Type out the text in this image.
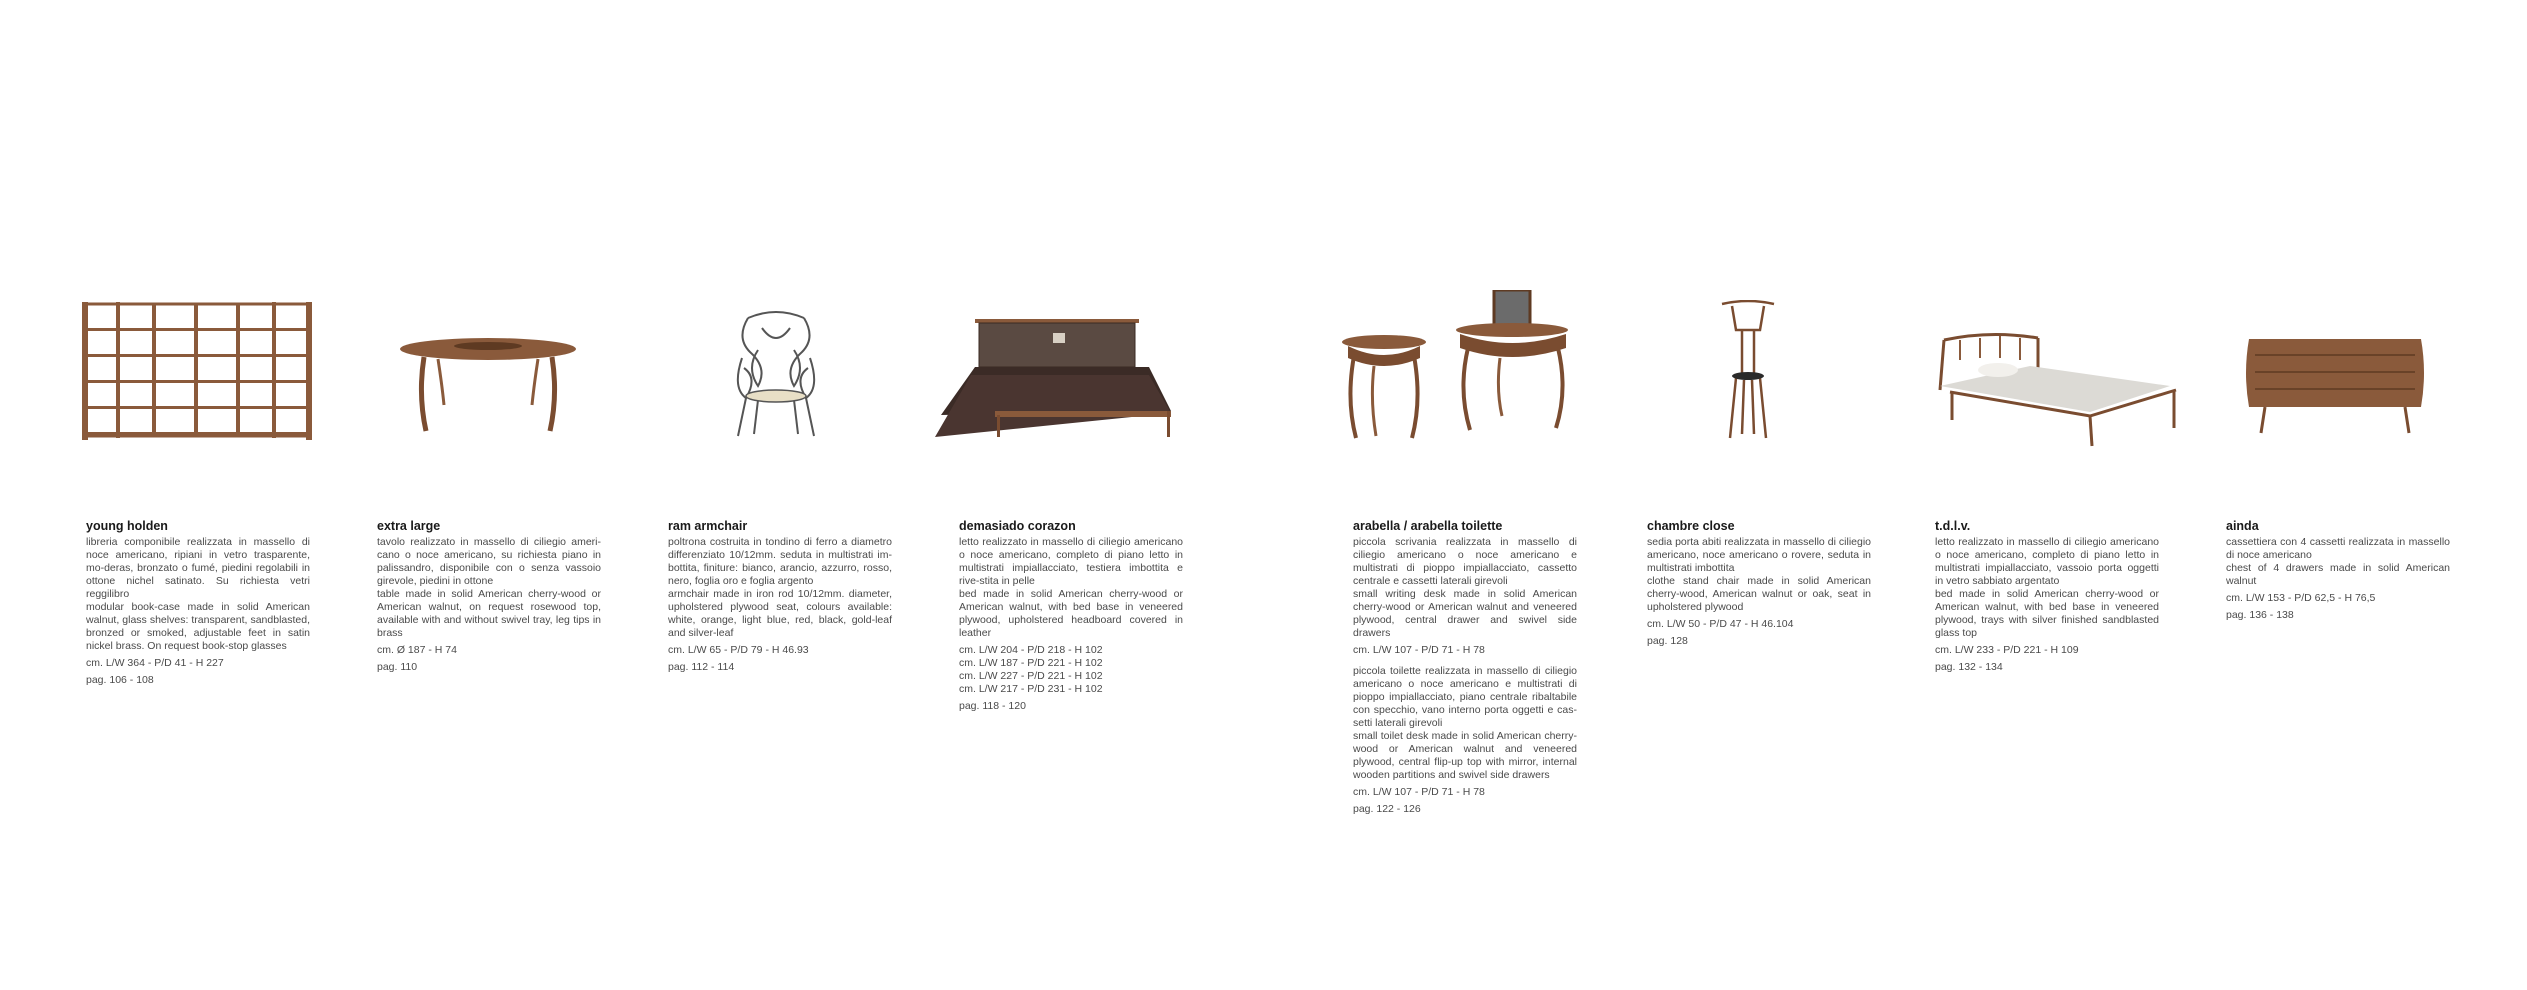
young holden
libreria componibile realizzata in massello di noce americano, ripiani in vetro trasparente, mo-deras, bronzato o fumé, piedini regolabili in ottone nichel satinato. Su richiesta vetri reggilibro
modular book-case made in solid American walnut, glass shelves: transparent, sandblasted, bronzed or smoked, adjustable feet in satin nickel brass. On request book-stop glasses
cm. L/W 364 - P/D 41 - H 227
pag. 106 - 108
extra large
tavolo realizzato in massello di ciliegio ameri-cano o noce americano, su richiesta piano in palissandro, disponibile con o senza vassoio girevole, piedini in ottone
table made in solid American cherry-wood or American walnut, on request rosewood top, available with and without swivel tray, leg tips in brass
cm. Ø 187 - H 74
pag. 110
ram armchair
poltrona costruita in tondino di ferro a diametro differenziato 10/12mm. seduta in multistrati im-bottita, finiture: bianco, arancio, azzurro, rosso, nero, foglia oro e foglia argento
armchair made in iron rod 10/12mm. diameter, upholstered plywood seat, colours available: white, orange, light blue, red, black, gold-leaf and silver-leaf
cm. L/W 65 - P/D 79 - H 46.93
pag. 112 - 114
demasiado corazon
letto realizzato in massello di ciliegio americano o noce americano, completo di piano letto in multistrati impiallacciato, testiera imbottita e rive-stita in pelle
bed made in solid American cherry-wood or American walnut, with bed base in veneered plywood, upholstered headboard covered in leather
cm. L/W 204 - P/D 218 - H 102
cm. L/W 187 - P/D 221 - H 102
cm. L/W 227 - P/D 221 - H 102
cm. L/W 217 - P/D 231 - H 102
pag. 118 - 120
arabella / arabella toilette
piccola scrivania realizzata in massello di ciliegio americano o noce americano e multistrati di pioppo impiallacciato, cassetto centrale e cassetti laterali girevoli
small writing desk made in solid American cherry-wood or American walnut and veneered plywood, central drawer and swivel side drawers
cm. L/W 107 - P/D 71 - H 78
piccola toilette realizzata in massello di ciliegio americano o noce americano e multistrati di pioppo impiallacciato, piano centrale ribaltabile con specchio, vano interno porta oggetti e cas-setti laterali girevoli
small toilet desk made in solid American cherry-wood or American walnut and veneered plywood, central flip-up top with mirror, internal wooden partitions and swivel side drawers
cm. L/W 107 - P/D 71 - H 78
pag. 122 - 126
chambre close
sedia porta abiti realizzata in massello di ciliegio americano, noce americano o rovere, seduta in multistrati imbottita
clothe stand chair made in solid American cherry-wood, American walnut or oak, seat in upholstered plywood
cm. L/W 50 - P/D 47 - H 46.104
pag. 128
t.d.l.v.
letto realizzato in massello di ciliegio americano o noce americano, completo di piano letto in multistrati impiallacciato, vassoio porta oggetti in vetro sabbiato argentato
bed made in solid American cherry-wood or American walnut, with bed base in veneered plywood, trays with silver finished sandblasted glass top
cm. L/W 233 - P/D 221 - H 109
pag. 132 - 134
ainda
cassettiera con 4 cassetti realizzata in massello di noce americano
chest of 4 drawers made in solid American walnut
cm. L/W 153 - P/D 62,5 - H 76,5
pag. 136 - 138
